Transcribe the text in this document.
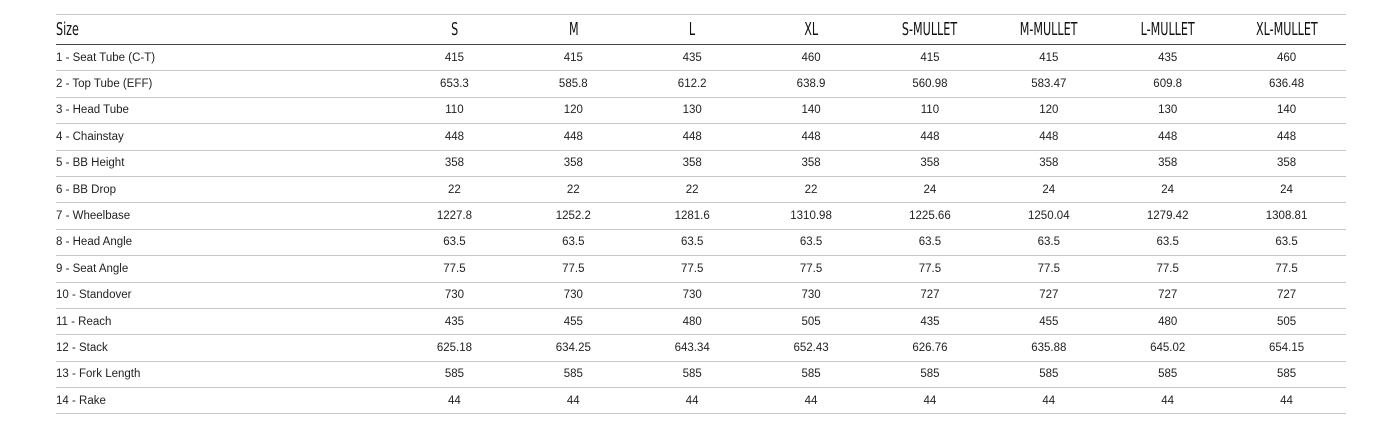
Size	S	M	L	XL	S-MULLET	M-MULLET	L-MULLET	XL-MULLET
1 - Seat Tube (C-T)	415	415	435	460	415	415	435	460
2 - Top Tube (EFF)	653.3	585.8	612.2	638.9	560.98	583.47	609.8	636.48
3 - Head Tube	110	120	130	140	110	120	130	140
4 - Chainstay	448	448	448	448	448	448	448	448
5 - BB Height	358	358	358	358	358	358	358	358
6 - BB Drop	22	22	22	22	24	24	24	24
7 - Wheelbase	1227.8	1252.2	1281.6	1310.98	1225.66	1250.04	1279.42	1308.81
8 - Head Angle	63.5	63.5	63.5	63.5	63.5	63.5	63.5	63.5
9 - Seat Angle	77.5	77.5	77.5	77.5	77.5	77.5	77.5	77.5
10 - Standover	730	730	730	730	727	727	727	727
11 - Reach	435	455	480	505	435	455	480	505
12 - Stack	625.18	634.25	643.34	652.43	626.76	635.88	645.02	654.15
13 - Fork Length	585	585	585	585	585	585	585	585
14 - Rake	44	44	44	44	44	44	44	44
